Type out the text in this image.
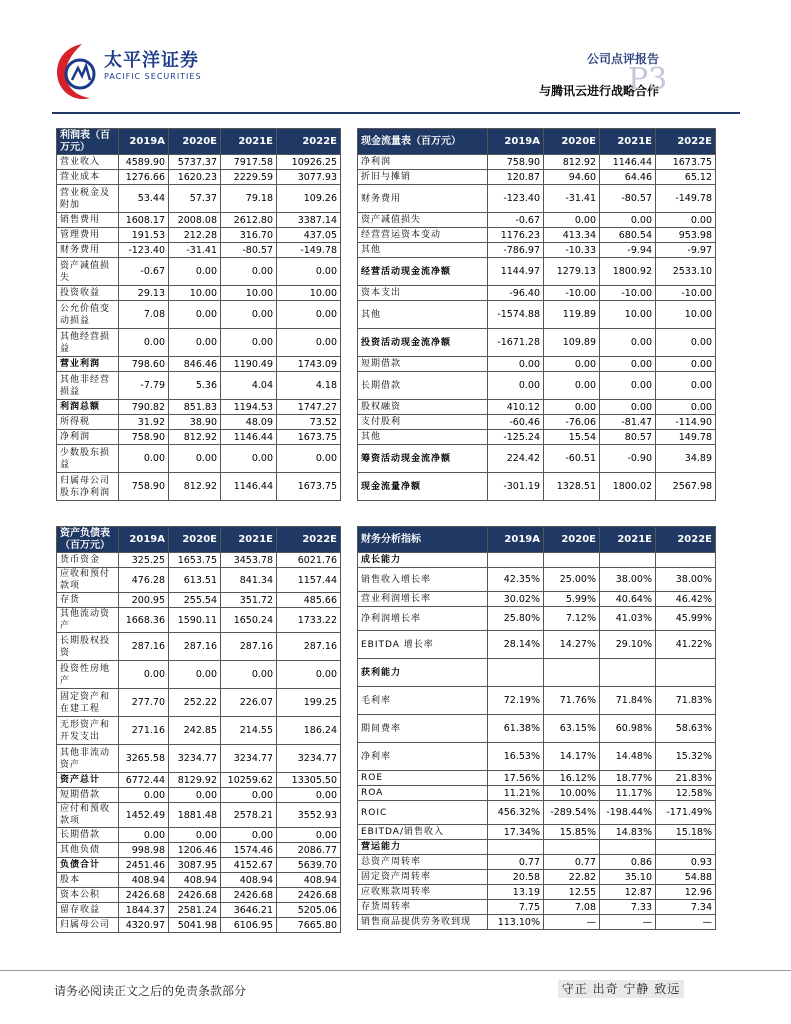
太平洋证券
PACIFIC SECURITIES
公司点评报告
与腾讯云进行战略合作
P3
利润表（百万元）	2019A	2020E	2021E	2022E
营业收入	4589.90	5737.37	7917.58	10926.25
营业成本	1276.66	1620.23	2229.59	3077.93
营业税金及附加	53.44	57.37	79.18	109.26
销售费用	1608.17	2008.08	2612.80	3387.14
管理费用	191.53	212.28	316.70	437.05
财务费用	-123.40	-31.41	-80.57	-149.78
资产减值损失	-0.67	0.00	0.00	0.00
投资收益	29.13	10.00	10.00	10.00
公允价值变动损益	7.08	0.00	0.00	0.00
其他经营损益	0.00	0.00	0.00	0.00
营业利润	798.60	846.46	1190.49	1743.09
其他非经营损益	-7.79	5.36	4.04	4.18
利润总额	790.82	851.83	1194.53	1747.27
所得税	31.92	38.90	48.09	73.52
净利润	758.90	812.92	1146.44	1673.75
少数股东损益	0.00	0.00	0.00	0.00
归属母公司股东净利润	758.90	812.92	1146.44	1673.75
现金流量表（百万元）	2019A	2020E	2021E	2022E
净利润	758.90	812.92	1146.44	1673.75
折旧与摊销	120.87	94.60	64.46	65.12
财务费用	-123.40	-31.41	-80.57	-149.78
资产减值损失	-0.67	0.00	0.00	0.00
经营营运资本变动	1176.23	413.34	680.54	953.98
其他	-786.97	-10.33	-9.94	-9.97
经营活动现金流净额	1144.97	1279.13	1800.92	2533.10
资本支出	-96.40	-10.00	-10.00	-10.00
其他	-1574.88	119.89	10.00	10.00
投资活动现金流净额	-1671.28	109.89	0.00	0.00
短期借款	0.00	0.00	0.00	0.00
长期借款	0.00	0.00	0.00	0.00
股权融资	410.12	0.00	0.00	0.00
支付股利	-60.46	-76.06	-81.47	-114.90
其他	-125.24	15.54	80.57	149.78
筹资活动现金流净额	224.42	-60.51	-0.90	34.89
现金流量净额	-301.19	1328.51	1800.02	2567.98
资产负债表（百万元）	2019A	2020E	2021E	2022E
货币资金	325.25	1653.75	3453.78	6021.76
应收和预付款项	476.28	613.51	841.34	1157.44
存货	200.95	255.54	351.72	485.66
其他流动资产	1668.36	1590.11	1650.24	1733.22
长期股权投资	287.16	287.16	287.16	287.16
投资性房地产	0.00	0.00	0.00	0.00
固定资产和在建工程	277.70	252.22	226.07	199.25
无形资产和开发支出	271.16	242.85	214.55	186.24
其他非流动资产	3265.58	3234.77	3234.77	3234.77
资产总计	6772.44	8129.92	10259.62	13305.50
短期借款	0.00	0.00	0.00	0.00
应付和预收款项	1452.49	1881.48	2578.21	3552.93
长期借款	0.00	0.00	0.00	0.00
其他负债	998.98	1206.46	1574.46	2086.77
负债合计	2451.46	3087.95	4152.67	5639.70
股本	408.94	408.94	408.94	408.94
资本公积	2426.68	2426.68	2426.68	2426.68
留存收益	1844.37	2581.24	3646.21	5205.06
归属母公司	4320.97	5041.98	6106.95	7665.80
财务分析指标	2019A	2020E	2021E	2022E
成长能力				
销售收入增长率	42.35%	25.00%	38.00%	38.00%
营业利润增长率	30.02%	5.99%	40.64%	46.42%
净利润增长率	25.80%	7.12%	41.03%	45.99%
EBITDA 增长率	28.14%	14.27%	29.10%	41.22%
获利能力				
毛利率	72.19%	71.76%	71.84%	71.83%
期间费率	61.38%	63.15%	60.98%	58.63%
净利率	16.53%	14.17%	14.48%	15.32%
ROE	17.56%	16.12%	18.77%	21.83%
ROA	11.21%	10.00%	11.17%	12.58%
ROIC	456.32%	-289.54%	-198.44%	-171.49%
EBITDA/销售收入	17.34%	15.85%	14.83%	15.18%
营运能力				
总资产周转率	0.77	0.77	0.86	0.93
固定资产周转率	20.58	22.82	35.10	54.88
应收账款周转率	13.19	12.55	12.87	12.96
存货周转率	7.75	7.08	7.33	7.34
销售商品提供劳务收到现	113.10%	—	—	—
请务必阅读正文之后的免责条款部分	守正 出奇 宁静 致远
